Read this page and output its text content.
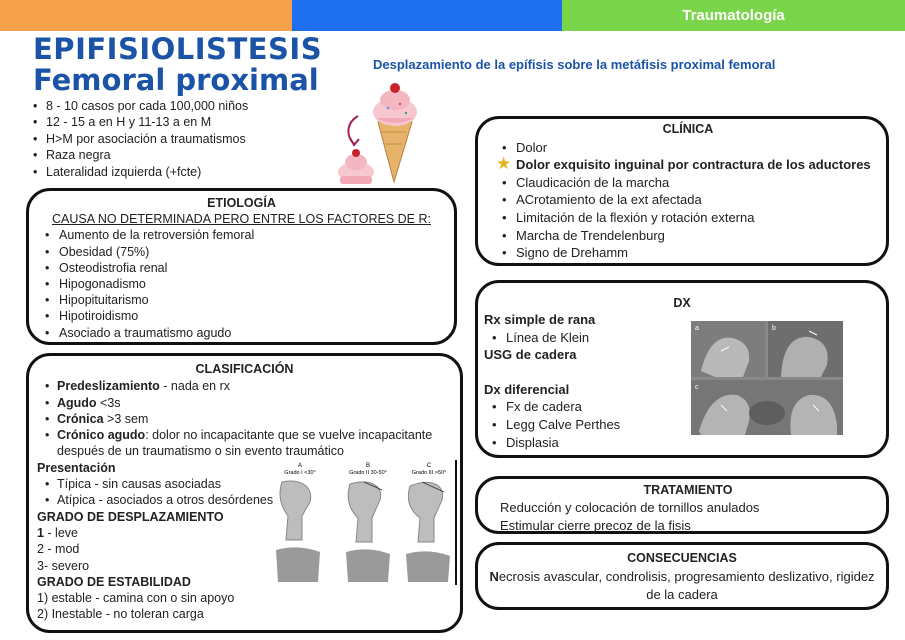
Traumatología
EPIFISIOLISTESIS
Femoral proximal	Desplazamiento de la epífisis sobre la metáfisis proximal femoral
• 8 - 10 casos por cada 100,000 niños
• 12 - 15 a en H y 11-13 a en M
• H>M por asociación a traumatismos
• Raza negra
• Lateralidad izquierda (+fcte)
ETIOLOGÍA
CAUSA NO DETERMINADA PERO ENTRE LOS FACTORES DE R:
• Aumento de la retroversión femoral
• Obesidad (75%)
• Osteodistrofia renal
• Hipogonadismo
• Hipopituitarismo
• Hipotiroidismo
• Asociado a traumatismo agudo
CLASIFICACIÓN
• Predeslizamiento - nada en rx
• Agudo <3s
• Crónica >3 sem
• Crónico agudo: dolor no incapacitante que se vuelve incapacitante después de un traumatismo o sin evento traumático
Presentación
• Típica - sin causas asociadas
• Atípica - asociados a otros desórdenes
GRADO DE DESPLAZAMIENTO
1 - leve
2 - mod
3- severo
GRADO DE ESTABILIDAD
1) estable - camina con o sin apoyo
2) Inestable - no toleran carga
A
Grado I <30°
B
Grado II 30-50°
C
Grado III >50°
CLÍNICA
• Dolor
★ Dolor exquisito inguinal por contractura de los aductores
• Claudicación de la marcha
• ACrotamiento de la ext afectada
• Limitación de la flexión y rotación externa
• Marcha de Trendelenburg
• Signo de Drehamm
DX
Rx simple de rana
• Línea de Klein
USG de cadera
Dx diferencial
• Fx de cadera
• Legg Calve Perthes
• Displasia
a	b
c
TRATAMIENTO
Reducción y colocación de tornillos anulados
Estimular cierre precoz de la fisis
CONSECUENCIAS
Necrosis avascular, condrolisis, progresamiento deslizativo, rigidez de la cadera
